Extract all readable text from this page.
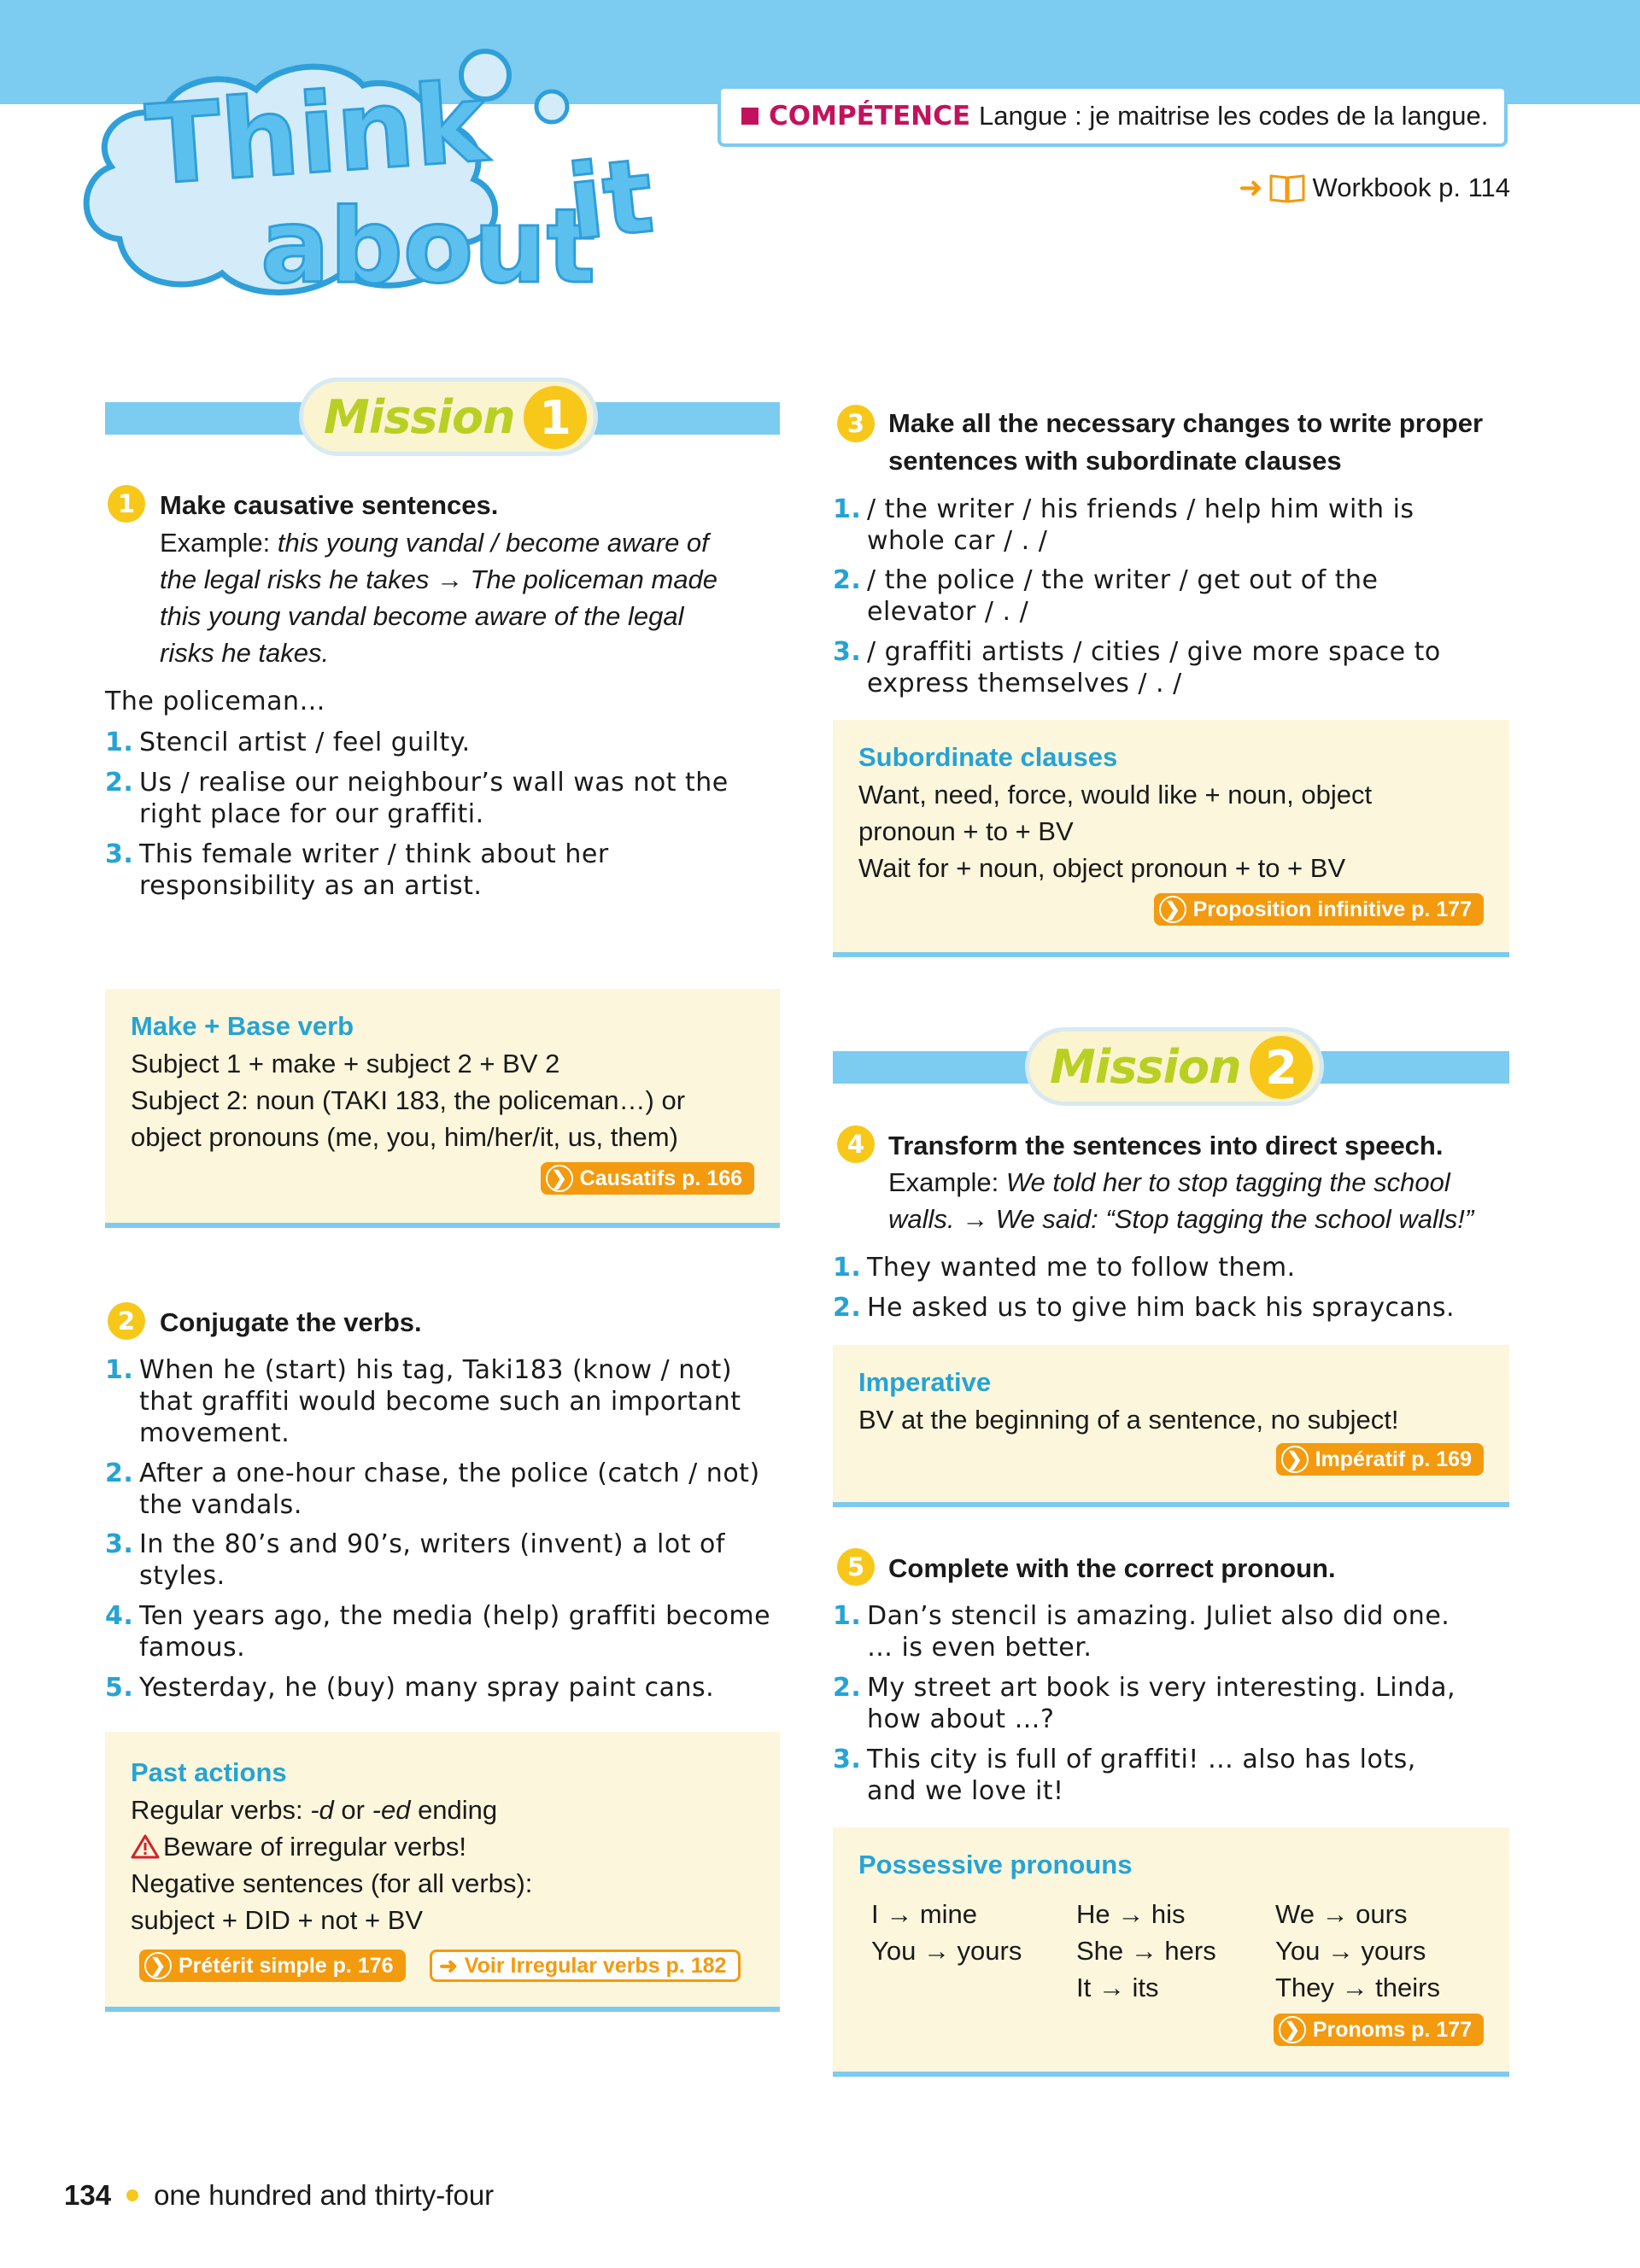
Think
about
it
COMPÉTENCE Langue : je maitrise les codes de la langue.
➜ Workbook p. 114
Mission 1
1 Make causative sentences.
Example: this young vandal / become aware of
the legal risks he takes → The policeman made
this young vandal become aware of the legal
risks he takes.
The policeman…
1. Stencil artist / feel guilty.
2. Us / realise our neighbour’s wall was not the
right place for our graffiti.
3. This female writer / think about her
responsibility as an artist.
Make + Base verb
Subject 1 + make + subject 2 + BV 2
Subject 2: noun (TAKI 183, the policeman…) or
object pronouns (me, you, him/her/it, us, them)
❯ Causatifs p. 166
2 Conjugate the verbs.
1. When he (start) his tag, Taki183 (know / not)
that graffiti would become such an important
movement.
2. After a one-hour chase, the police (catch / not)
the vandals.
3. In the 80’s and 90’s, writers (invent) a lot of
styles.
4. Ten years ago, the media (help) graffiti become
famous.
5. Yesterday, he (buy) many spray paint cans.
Past actions
Regular verbs: -d or -ed ending
Beware of irregular verbs!
Negative sentences (for all verbs):
subject + DID + not + BV
❯ Prétérit simple p. 176 ➜ Voir Irregular verbs p. 182
3 Make all the necessary changes to write proper
sentences with subordinate clauses
1. / the writer / his friends / help him with is
whole car / . /
2. / the police / the writer / get out of the
elevator / . /
3. / graffiti artists / cities / give more space to
express themselves / . /
Subordinate clauses
Want, need, force, would like + noun, object
pronoun + to + BV
Wait for + noun, object pronoun + to + BV
❯ Proposition infinitive p. 177
Mission 2
4 Transform the sentences into direct speech.
Example: We told her to stop tagging the school
walls. → We said: “Stop tagging the school walls!”
1. They wanted me to follow them.
2. He asked us to give him back his spraycans.
Imperative
BV at the beginning of a sentence, no subject!
❯ Impératif p. 169
5 Complete with the correct pronoun.
1. Dan’s stencil is amazing. Juliet also did one.
… is even better.
2. My street art book is very interesting. Linda,
how about …?
3. This city is full of graffiti! … also has lots,
and we love it!
Possessive pronouns
I → mine
You → yours
He → his
She → hers
It → its
We → ours
You → yours
They → theirs
❯ Pronoms p. 177
134 one hundred and thirty-four
